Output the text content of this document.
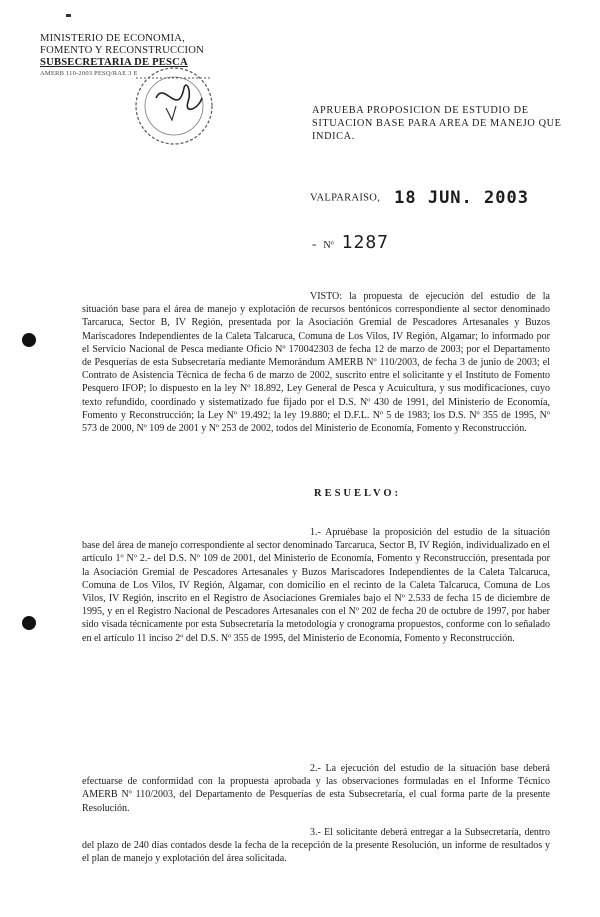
MINISTERIO DE ECONOMIA,
FOMENTO Y RECONSTRUCCION
SUBSECRETARIA DE PESCA
AMERB 110-2003 PESQ/RAE 3 E
APRUEBA PROPOSICION DE ESTUDIO DE SITUACION BASE PARA AREA DE MANEJO QUE INDICA.
VALPARAISO, 18 JUN. 2003
- Nº 1287
VISTO: la propuesta de ejecución del estudio de la situación base para el área de manejo y explotación de recursos bentónicos correspondiente al sector denominado Tarcaruca, Sector B, IV Región, presentada por la Asociación Gremial de Pescadores Artesanales y Buzos Mariscadores Independientes de la Caleta Talcaruca, Comuna de Los Vilos, IV Región, Algamar; lo informado por el Servicio Nacional de Pesca mediante Oficio Nº 170042303 de fecha 12 de marzo de 2003; por el Departamento de Pesquerías de esta Subsecretaría mediante Memorándum AMERB Nº 110/2003, de fecha 3 de junio de 2003; el Contrato de Asistencia Técnica de fecha 6 de marzo de 2002, suscrito entre el solicitante y el Instituto de Fomento Pesquero IFOP; lo dispuesto en la ley Nº 18.892, Ley General de Pesca y Acuicultura, y sus modificaciones, cuyo texto refundido, coordinado y sistematizado fue fijado por el D.S. Nº 430 de 1991, del Ministerio de Economía, Fomento y Reconstrucción; la Ley Nº 19.492; la ley 19.880; el D.F.L. Nº 5 de 1983; los D.S. Nº 355 de 1995, Nº 573 de 2000, Nº 109 de 2001 y Nº 253 de 2002, todos del Ministerio de Economía, Fomento y Reconstrucción.
RESUELVO:
1.- Apruébase la proposición del estudio de la situación base del área de manejo correspondiente al sector denominado Tarcaruca, Sector B, IV Región, individualizado en el artículo 1º Nº 2.- del D.S. Nº 109 de 2001, del Ministerio de Economía, Fomento y Reconstrucción, presentada por la Asociación Gremial de Pescadores Artesanales y Buzos Mariscadores Independientes de la Caleta Talcaruca, Comuna de Los Vilos, IV Región, Algamar, con domicilio en el recinto de la Caleta Talcaruca, Comuna de Los Vilos, IV Región, inscrito en el Registro de Asociaciones Gremiales bajo el Nº 2.533 de fecha 15 de diciembre de 1995, y en el Registro Nacional de Pescadores Artesanales con el Nº 202 de fecha 20 de octubre de 1997, por haber sido visada técnicamente por esta Subsecretaría la metodología y cronograma propuestos, conforme con lo señalado en el artículo 11 inciso 2º del D.S. Nº 355 de 1995, del Ministerio de Economía, Fomento y Reconstrucción.
2.- La ejecución del estudio de la situación base deberá efectuarse de conformidad con la propuesta aprobada y las observaciones formuladas en el Informe Técnico AMERB Nº 110/2003, del Departamento de Pesquerías de esta Subsecretaría, el cual forma parte de la presente Resolución.
3.- El solicitante deberá entregar a la Subsecretaría, dentro del plazo de 240 días contados desde la fecha de la recepción de la presente Resolución, un informe de resultados y el plan de manejo y explotación del área solicitada.
